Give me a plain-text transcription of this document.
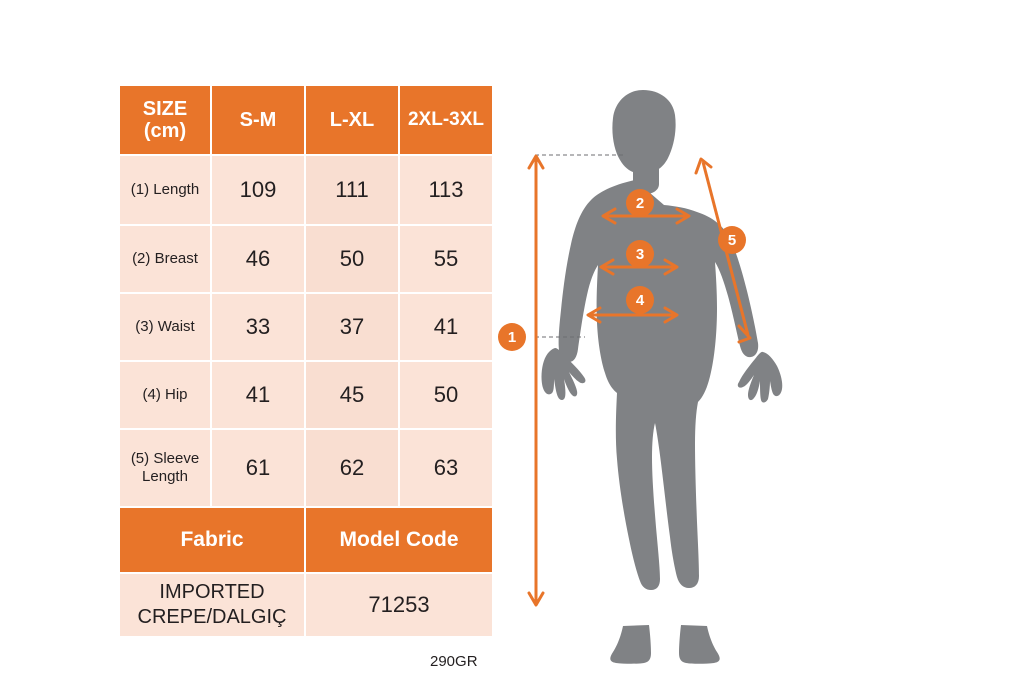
SIZE (cm)	S-M	L-XL	2XL-3XL
(1) Length	109	111	113
(2) Breast	46	50	55
(3) Waist	33	37	41
(4) Hip	41	45	50
(5) Sleeve Length	61	62	63
Fabric		Model Code	
IMPORTED CREPE/DALGIÇ		71253	
290GR
1
2
3
4
5
